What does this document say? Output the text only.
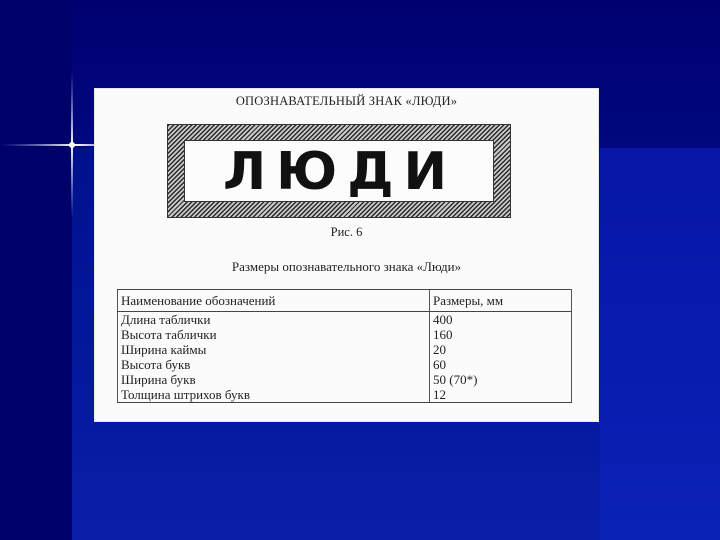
ОПОЗНАВАТЕЛЬНЫЙ ЗНАК «ЛЮДИ»
ЛЮДИ
Рис. 6
Размеры опознавательного знака «Люди»
Наименование обозначений	Размеры, мм
Длина таблички	400
Высота таблички	160
Ширина каймы	20
Высота букв	60
Ширина букв	50 (70*)
Толщина штрихов букв	12
